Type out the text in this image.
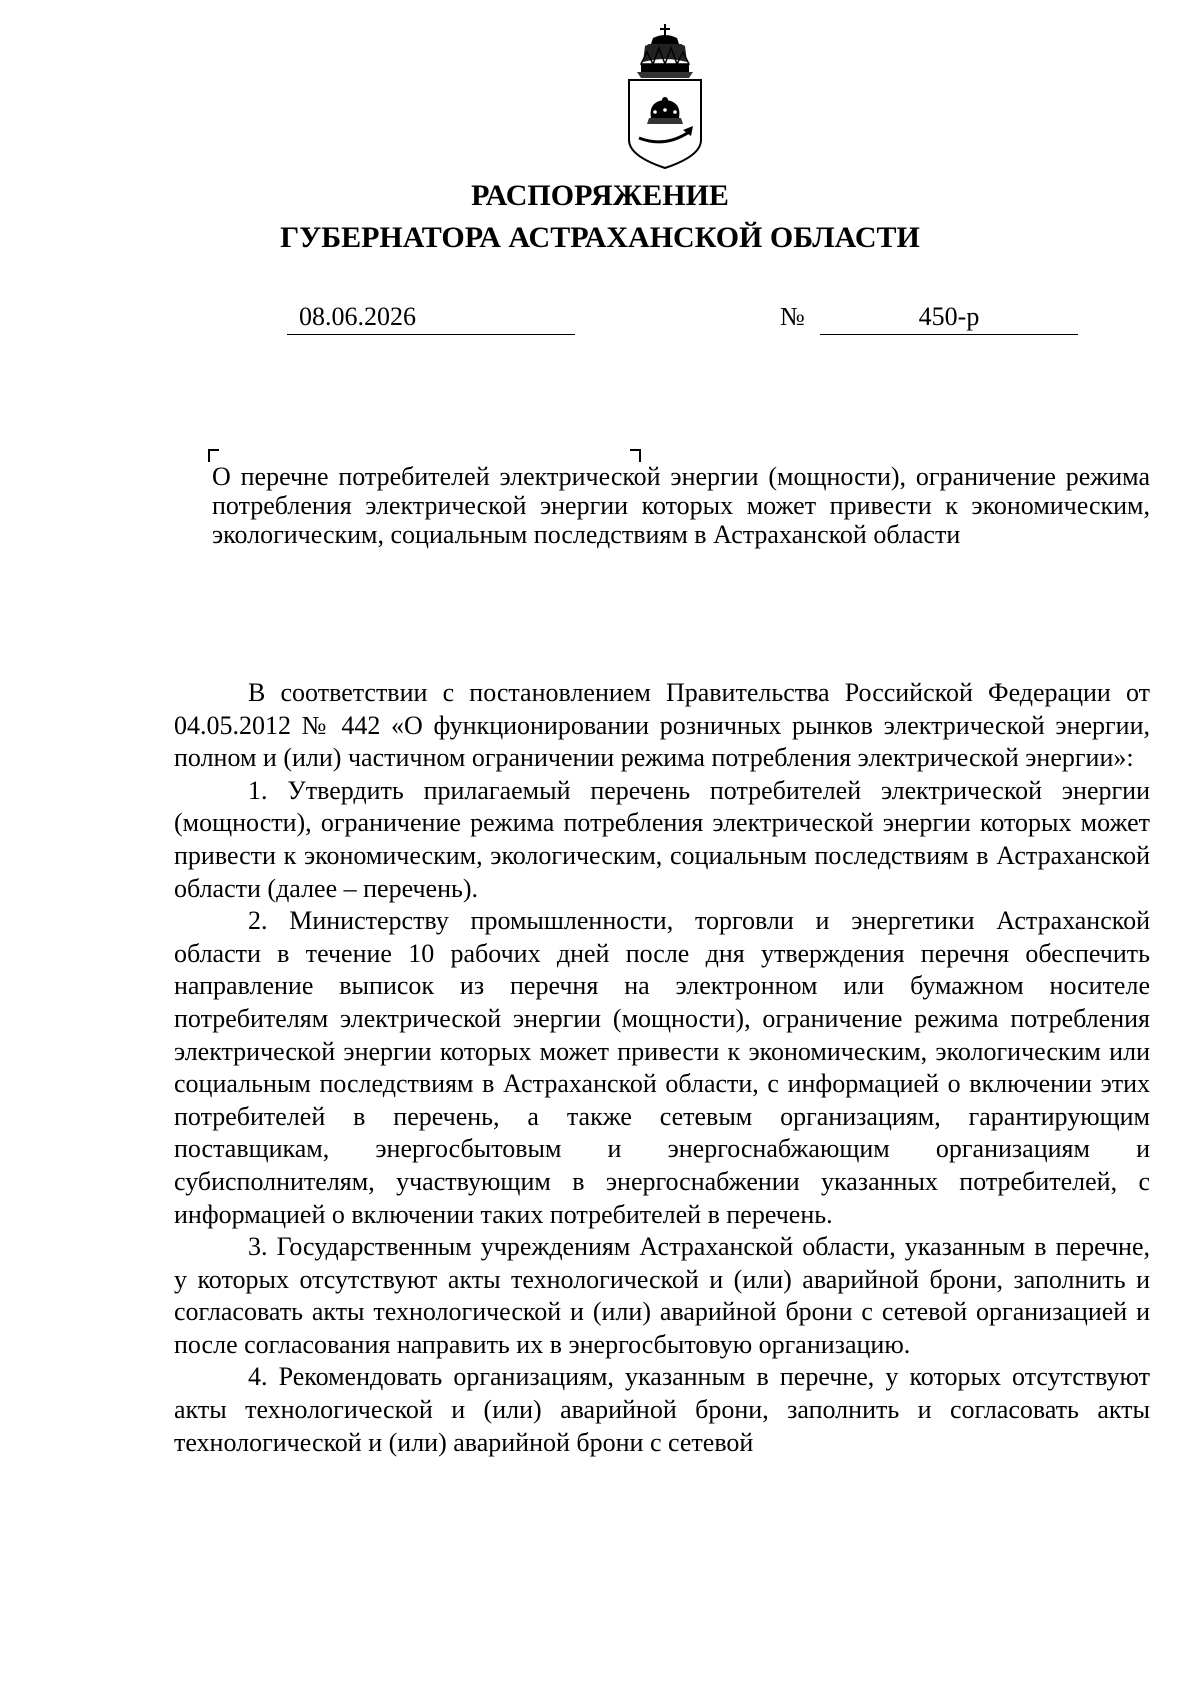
РАСПОРЯЖЕНИЕ
ГУБЕРНАТОРА АСТРАХАНСКОЙ ОБЛАСТИ
08.06.2026	№	450-р
О перечне потребителей электрической энергии (мощности), ограничение режима потребления электрической энергии которых может привести к экономическим, экологическим, социальным последствиям в Астраханской области

В соответствии с постановлением Правительства Российской Федерации от 04.05.2012 № 442 «О функционировании розничных рынков электрической энергии, полном и (или) частичном ограничении режима потребления электрической энергии»:

1. Утвердить прилагаемый перечень потребителей электрической энергии (мощности), ограничение режима потребления электрической энергии которых может привести к экономическим, экологическим, социальным последствиям в Астраханской области (далее – перечень).

2. Министерству промышленности, торговли и энергетики Астраханской области в течение 10 рабочих дней после дня утверждения перечня обеспечить направление выписок из перечня на электронном или бумажном носителе потребителям электрической энергии (мощности), ограничение режима потребления электрической энергии которых может привести к экономическим, экологическим или социальным последствиям в Астраханской области, с информацией о включении этих потребителей в перечень, а также сетевым организациям, гарантирующим поставщикам, энергосбытовым и энергоснабжающим организациям и субисполнителям, участвующим в энергоснабжении указанных потребителей, с информацией о включении таких потребителей в перечень.

3. Государственным учреждениям Астраханской области, указанным в перечне, у которых отсутствуют акты технологической и (или) аварийной брони, заполнить и согласовать акты технологической и (или) аварийной брони с сетевой организацией и после согласования направить их в энергосбытовую организацию.

4. Рекомендовать организациям, указанным в перечне, у которых отсутствуют акты технологической и (или) аварийной брони, заполнить и согласовать акты технологической и (или) аварийной брони с сетевой
